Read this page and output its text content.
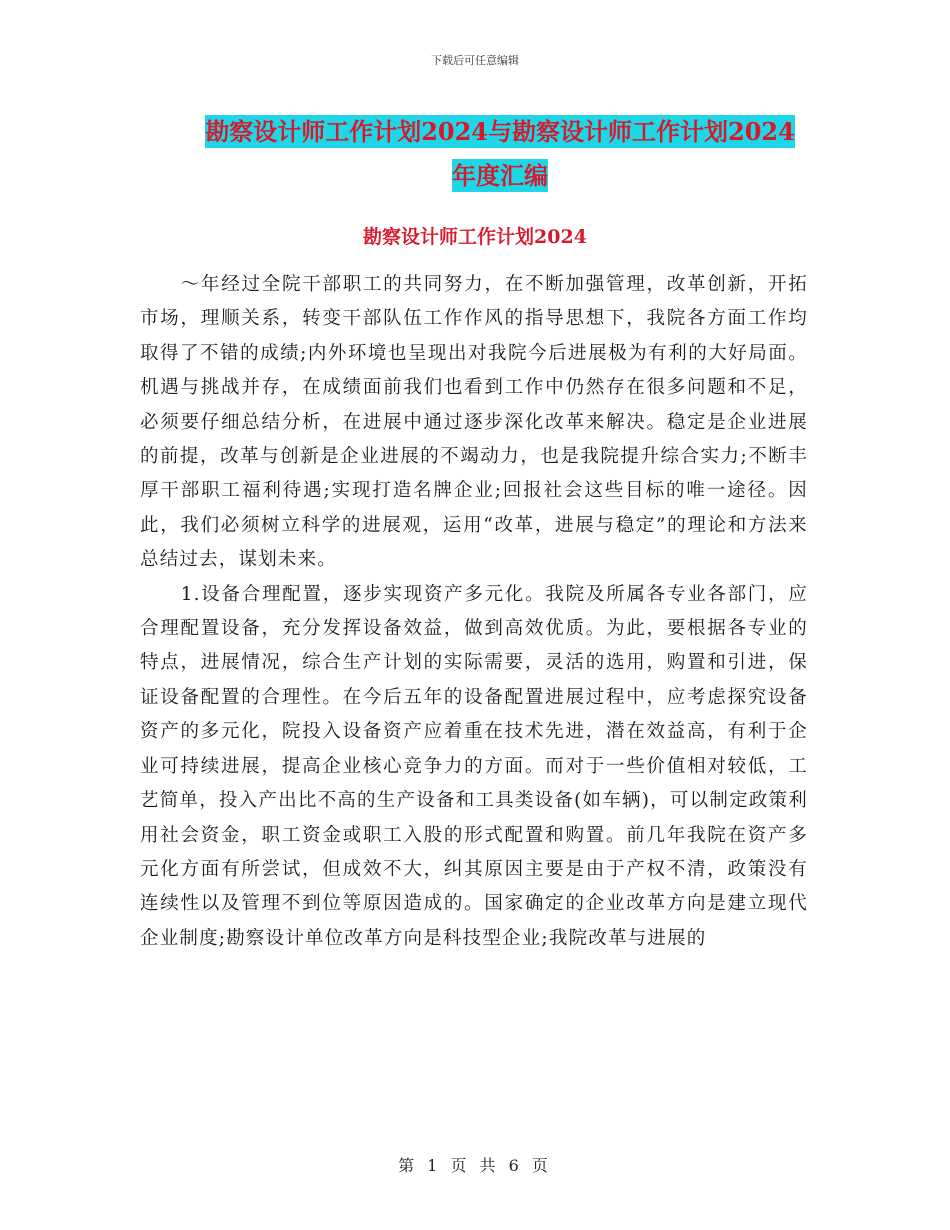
下载后可任意编辑
勘察设计师工作计划2024与勘察设计师工作计划2024
年度汇编
勘察设计师工作计划2024

～年经过全院干部职工的共同努力，在不断加强管理，改革创新，开拓市场，理顺关系，转变干部队伍工作作风的指导思想下，我院各方面工作均取得了不错的成绩;内外环境也呈现出对我院今后进展极为有利的大好局面。机遇与挑战并存，在成绩面前我们也看到工作中仍然存在很多问题和不足，必须要仔细总结分析，在进展中通过逐步深化改革来解决。稳定是企业进展的前提，改革与创新是企业进展的不竭动力，也是我院提升综合实力;不断丰厚干部职工福利待遇;实现打造名牌企业;回报社会这些目标的唯一途径。因此，我们必须树立科学的进展观，运用“改革，进展与稳定”的理论和方法来总结过去，谋划未来。

1.设备合理配置，逐步实现资产多元化。我院及所属各专业各部门，应合理配置设备，充分发挥设备效益，做到高效优质。为此，要根据各专业的特点，进展情况，综合生产计划的实际需要，灵活的选用，购置和引进，保证设备配置的合理性。在今后五年的设备配置进展过程中，应考虑探究设备资产的多元化，院投入设备资产应着重在技术先进，潜在效益高，有利于企业可持续进展，提高企业核心竞争力的方面。而对于一些价值相对较低，工艺简单，投入产出比不高的生产设备和工具类设备(如车辆)，可以制定政策利用社会资金，职工资金或职工入股的形式配置和购置。前几年我院在资产多元化方面有所尝试，但成效不大，纠其原因主要是由于产权不清，政策没有连续性以及管理不到位等原因造成的。国家确定的企业改革方向是建立现代企业制度;勘察设计单位改革方向是科技型企业;我院改革与进展的

第 1 页 共 6 页
